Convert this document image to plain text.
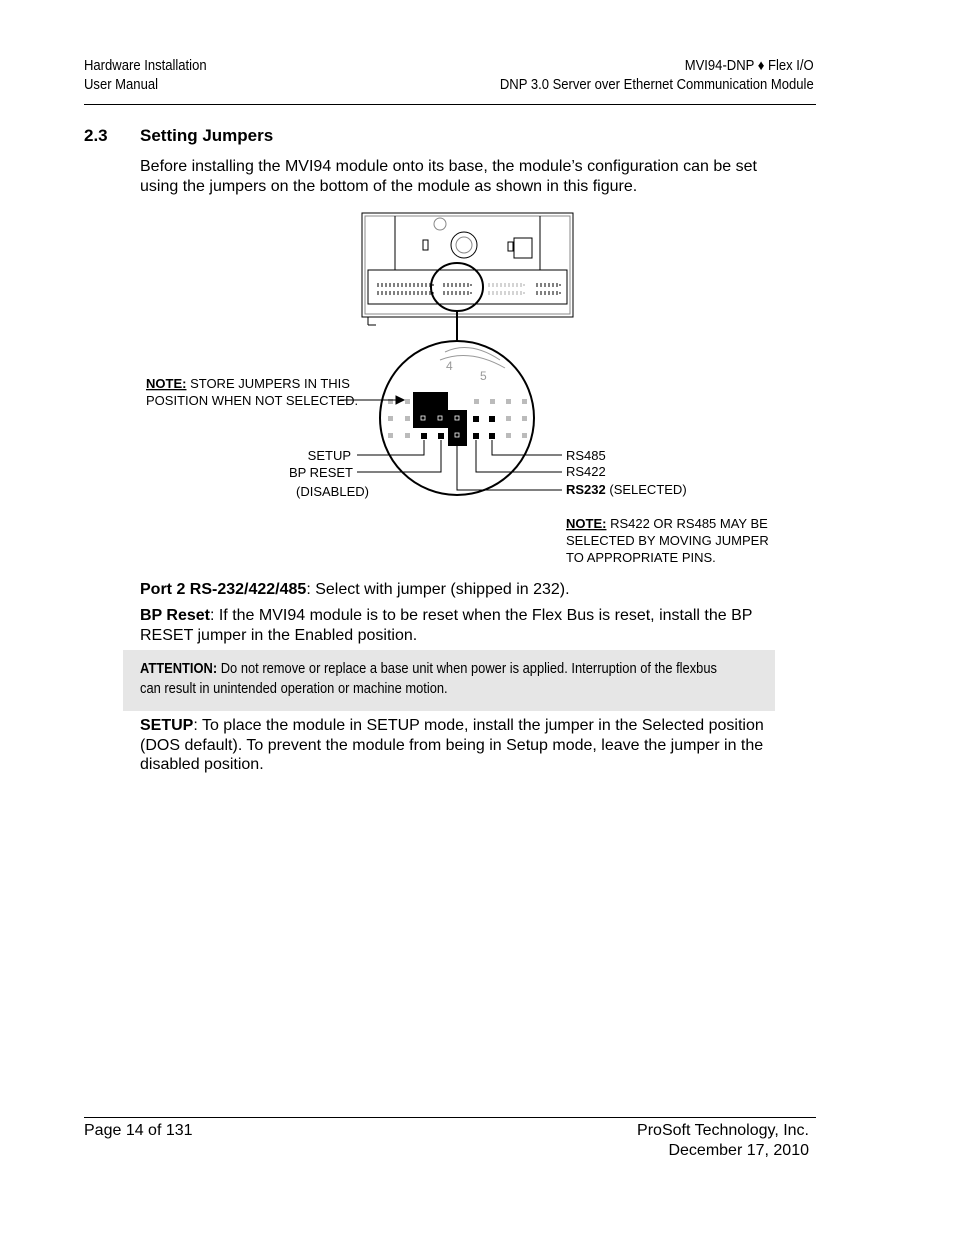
Hardware Installation
User Manual
MVI94-DNP ♦ Flex I/O
DNP 3.0 Server over Ethernet Communication Module
2.3 Setting Jumpers
Before installing the MVI94 module onto its base, the module’s configuration can be set using the jumpers on the bottom of the module as shown in this figure.
4
5
NOTE: STORE JUMPERS IN THIS
POSITION WHEN NOT SELECTED.
SETUP
BP RESET
(DISABLED)
RS485
RS422
RS232 (SELECTED)
NOTE: RS422 OR RS485 MAY BE
SELECTED BY MOVING JUMPER
TO APPROPRIATE PINS.
Port 2 RS-232/422/485: Select with jumper (shipped in 232).
BP Reset: If the MVI94 module is to be reset when the Flex Bus is reset, install the BP RESET jumper in the Enabled position.
ATTENTION: Do not remove or replace a base unit when power is applied. Interruption of the flexbus can result in unintended operation or machine motion.
SETUP: To place the module in SETUP mode, install the jumper in the Selected position (DOS default). To prevent the module from being in Setup mode, leave the jumper in the disabled position.
Page 14 of 131	ProSoft Technology, Inc.
December 17, 2010
